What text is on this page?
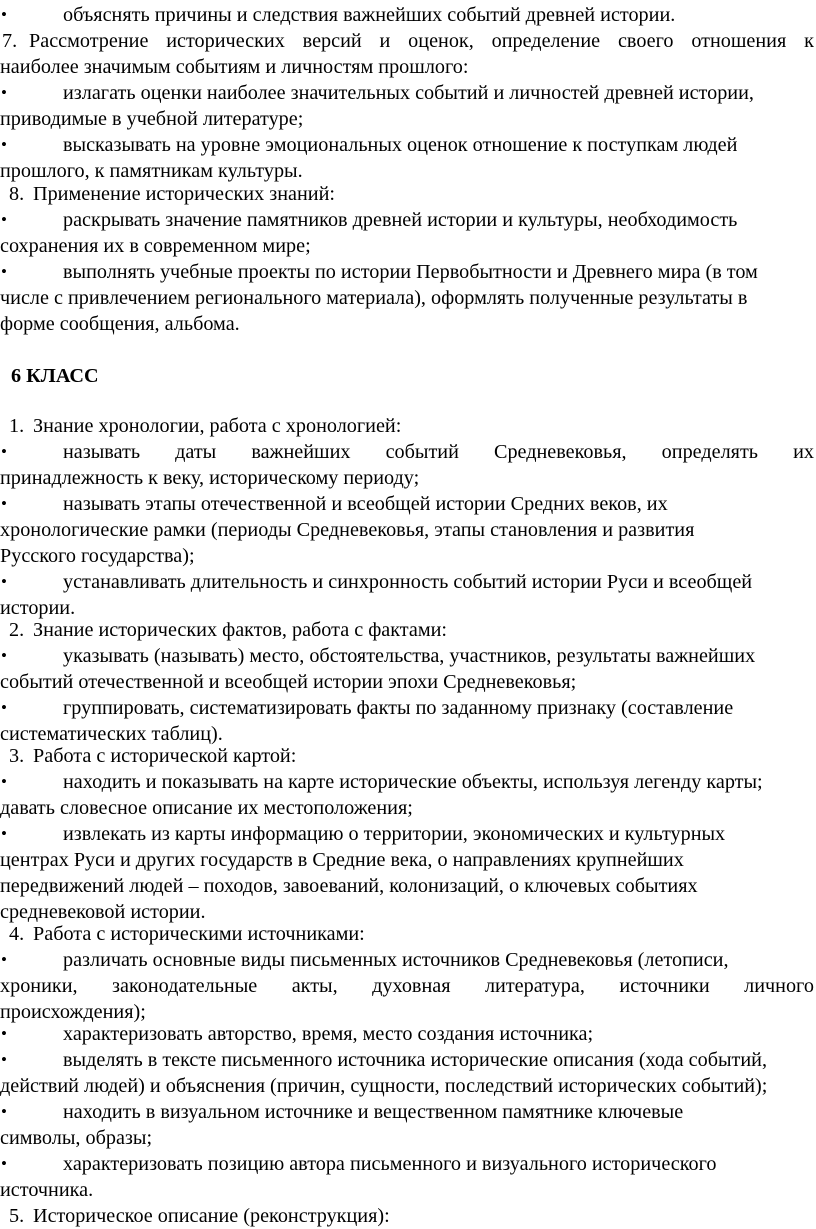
•	объяснять причины и следствия важнейших событий древней истории.
7. Рассмотрение исторических версий и оценок, определение своего отношения к
наиболее значимым событиям и личностям прошлого:
•	излагать оценки наиболее значительных событий и личностей древней истории,
приводимые в учебной литературе;
•	высказывать на уровне эмоциональных оценок отношение к поступкам людей
прошлого, к памятникам культуры.
8. Применение исторических знаний:
•	раскрывать значение памятников древней истории и культуры, необходимость
сохранения их в современном мире;
•	выполнять учебные проекты по истории Первобытности и Древнего мира (в том
числе с привлечением регионального материала), оформлять полученные результаты в
форме сообщения, альбома.
6 КЛАСС
1. Знание хронологии, работа с хронологией:
•	называть даты важнейших событий Средневековья, определять их
принадлежность к веку, историческому периоду;
•	называть этапы отечественной и всеобщей истории Средних веков, их
хронологические рамки (периоды Средневековья, этапы становления и развития
Русского государства);
•	устанавливать длительность и синхронность событий истории Руси и всеобщей
истории.
2. Знание исторических фактов, работа с фактами:
•	указывать (называть) место, обстоятельства, участников, результаты важнейших
событий отечественной и всеобщей истории эпохи Средневековья;
•	группировать, систематизировать факты по заданному признаку (составление
систематических таблиц).
3. Работа с исторической картой:
•	находить и показывать на карте исторические объекты, используя легенду карты;
давать словесное описание их местоположения;
•	извлекать из карты информацию о территории, экономических и культурных
центрах Руси и других государств в Средние века, о направлениях крупнейших
передвижений людей – походов, завоеваний, колонизаций, о ключевых событиях
средневековой истории.
4. Работа с историческими источниками:
•	различать основные виды письменных источников Средневековья (летописи,
хроники, законодательные акты, духовная литература, источники личного
происхождения);
•	характеризовать авторство, время, место создания источника;
•	выделять в тексте письменного источника исторические описания (хода событий,
действий людей) и объяснения (причин, сущности, последствий исторических событий);
•	находить в визуальном источнике и вещественном памятнике ключевые
символы, образы;
•	характеризовать позицию автора письменного и визуального исторического
источника.
5. Историческое описание (реконструкция):
